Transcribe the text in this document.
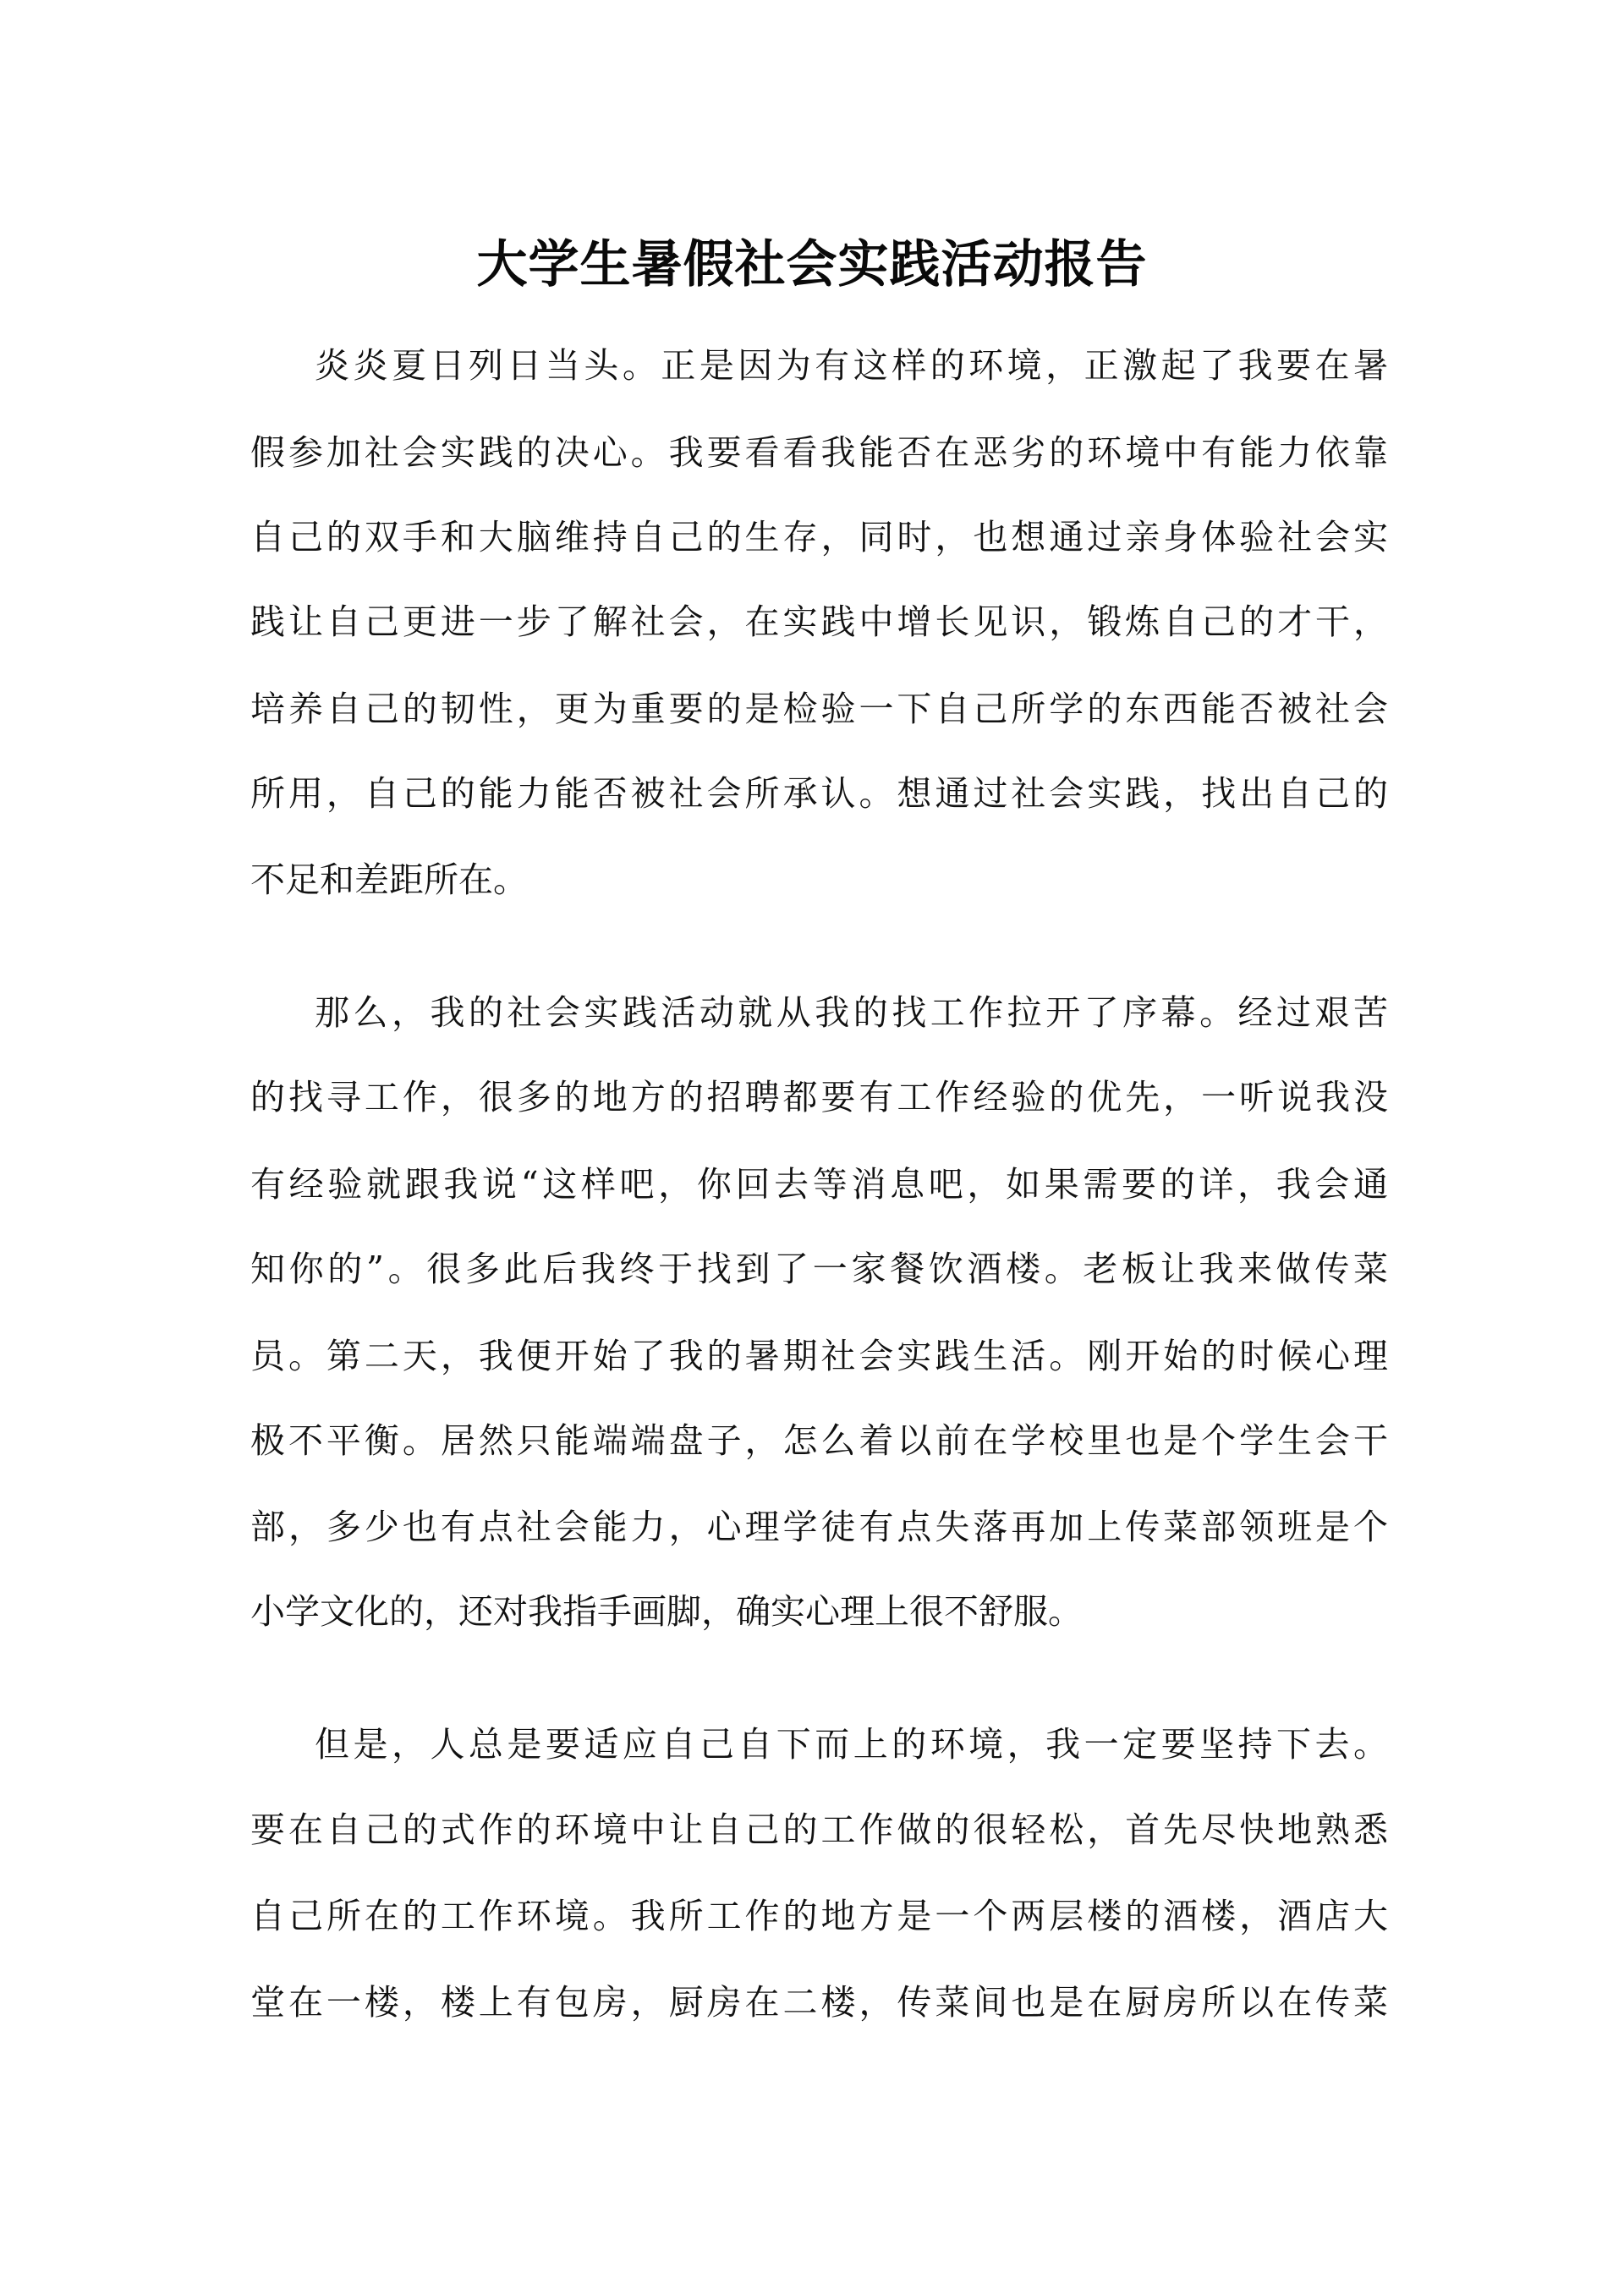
大学生暑假社会实践活动报告
炎炎夏日列日当头。正是因为有这样的环境，正激起了我要在暑
假参加社会实践的决心。我要看看我能否在恶劣的环境中有能力依靠
自己的双手和大脑维持自己的生存，同时，也想通过亲身体验社会实
践让自己更进一步了解社会，在实践中增长见识，锻炼自己的才干，
培养自己的韧性，更为重要的是检验一下自己所学的东西能否被社会
所用，自己的能力能否被社会所承认。想通过社会实践，找出自己的
不足和差距所在。
那么，我的社会实践活动就从我的找工作拉开了序幕。经过艰苦
的找寻工作，很多的地方的招聘都要有工作经验的优先，一听说我没
有经验就跟我说“这样吧，你回去等消息吧，如果需要的详，我会通
知你的”。很多此后我终于找到了一家餐饮酒楼。老板让我来做传菜
员。第二天，我便开始了我的暑期社会实践生活。刚开始的时候心理
极不平衡。居然只能端端盘子，怎么着以前在学校里也是个学生会干
部，多少也有点社会能力，心理学徒有点失落再加上传菜部领班是个
小学文化的，还对我指手画脚，确实心理上很不舒服。
但是，人总是要适应自己自下而上的环境，我一定要坚持下去。
要在自己的式作的环境中让自己的工作做的很轻松，首先尽快地熟悉
自己所在的工作环境。我所工作的地方是一个两层楼的酒楼，酒店大
堂在一楼，楼上有包房，厨房在二楼，传菜间也是在厨房所以在传菜
